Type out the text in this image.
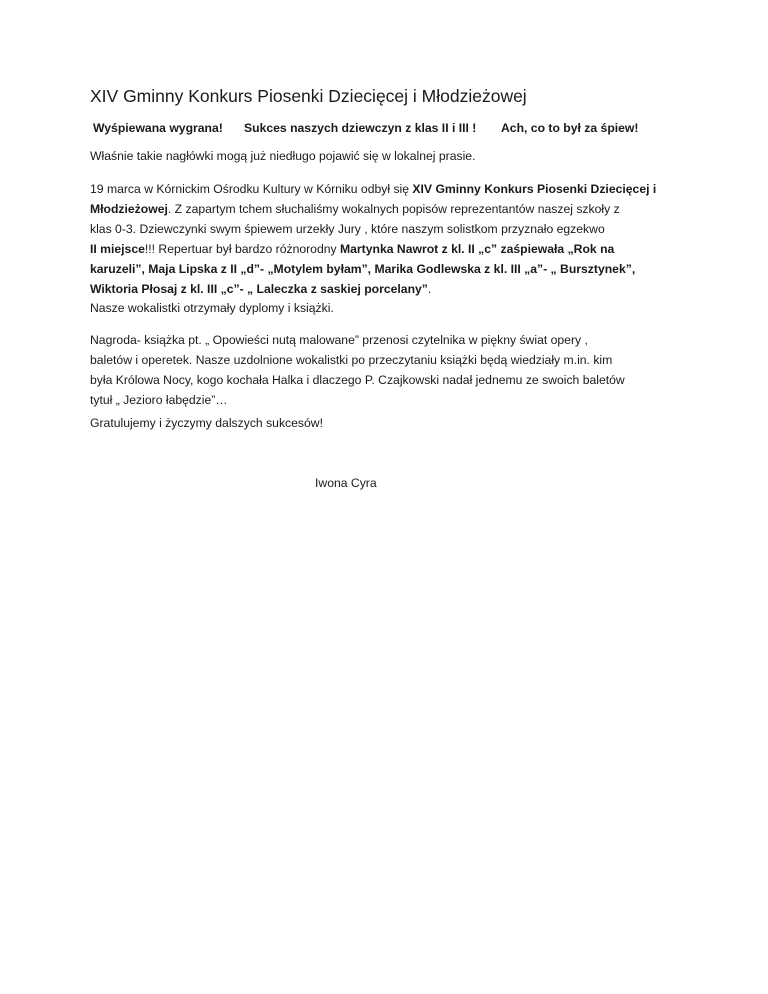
XIV Gminny Konkurs Piosenki Dziecięcej i Młodzieżowej
Wyśpiewana wygrana! Sukces naszych dziewczyn z klas II i III ! Ach, co to był za śpiew!
Właśnie takie nagłówki mogą już niedługo pojawić się w lokalnej prasie.
19 marca w Kórnickim Ośrodku Kultury w Kórniku odbył się XIV Gminny Konkurs Piosenki Dziecięcej i
Młodzieżowej. Z zapartym tchem słuchaliśmy wokalnych popisów reprezentantów naszej szkoły z
klas 0-3. Dziewczynki swym śpiewem urzekły Jury , które naszym solistkom przyznało egzekwo
II miejsce!!! Repertuar był bardzo różnorodny Martynka Nawrot z kl. II „c” zaśpiewała „Rok na
karuzeli”, Maja Lipska z II „d”- „Motylem byłam”, Marika Godlewska z kl. III „a”- „ Bursztynek”,
Wiktoria Płosaj z kl. III „c”- „ Laleczka z saskiej porcelany”.
Nasze wokalistki otrzymały dyplomy i książki.
Nagroda- książka pt. „ Opowieści nutą malowane” przenosi czytelnika w piękny świat opery ,
baletów i operetek. Nasze uzdolnione wokalistki po przeczytaniu książki będą wiedziały m.in. kim
była Królowa Nocy, kogo kochała Halka i dlaczego P. Czajkowski nadał jednemu ze swoich baletów
tytuł „ Jezioro łabędzie”…
Gratulujemy i życzymy dalszych sukcesów!
Iwona Cyra
